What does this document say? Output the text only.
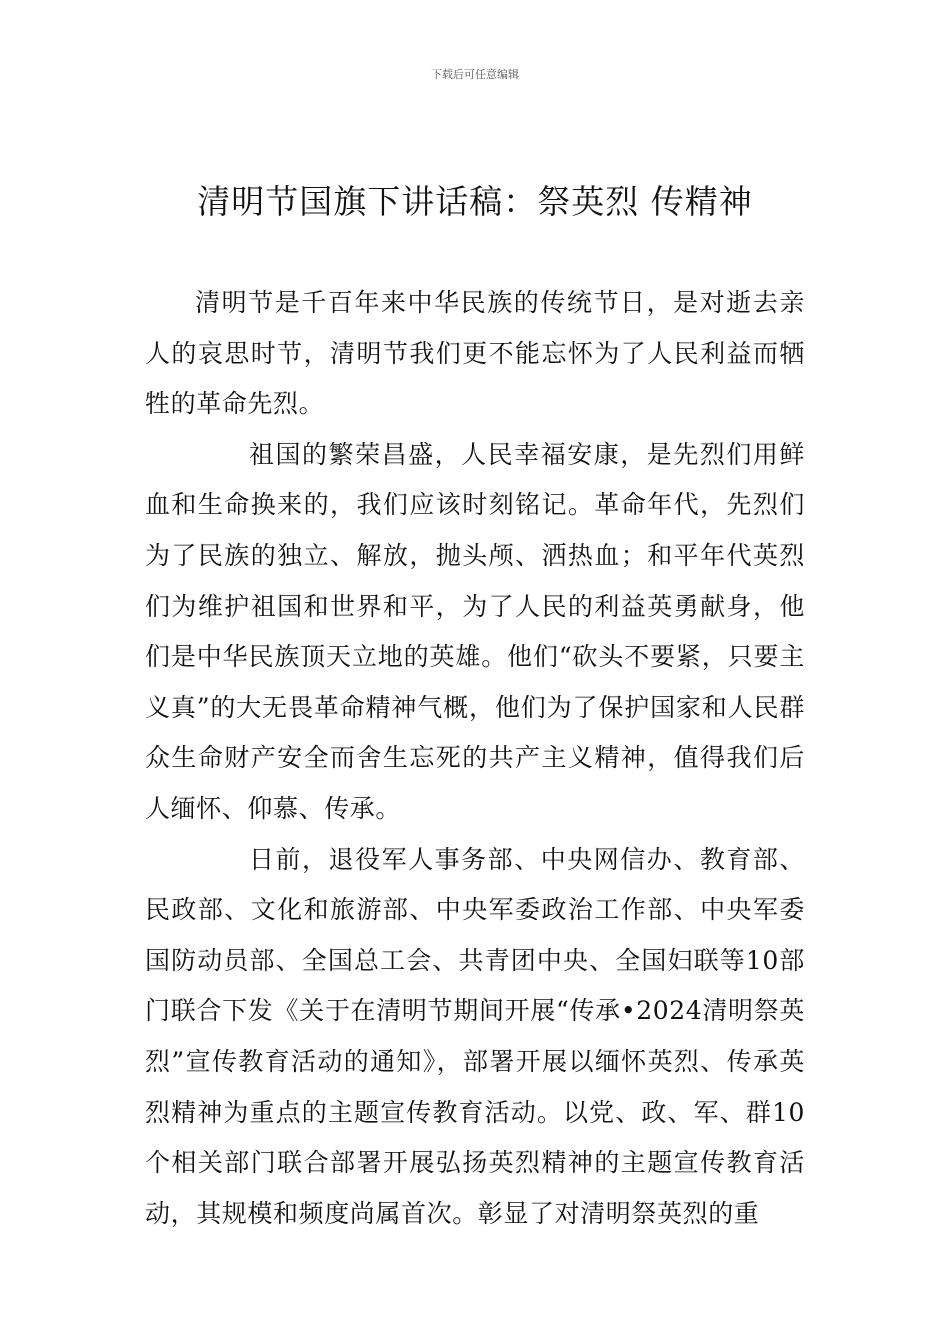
下载后可任意编辑
清明节国旗下讲话稿：祭英烈 传精神

清明节是千百年来中华民族的传统节日，是对逝去亲人的哀思时节，清明节我们更不能忘怀为了人民利益而牺牲的革命先烈。

祖国的繁荣昌盛，人民幸福安康，是先烈们用鲜血和生命换来的，我们应该时刻铭记。革命年代，先烈们为了民族的独立、解放，抛头颅、洒热血；和平年代英烈们为维护祖国和世界和平，为了人民的利益英勇献身，他们是中华民族顶天立地的英雄。他们“砍头不要紧，只要主义真”的大无畏革命精神气概，他们为了保护国家和人民群众生命财产安全而舍生忘死的共产主义精神，值得我们后人缅怀、仰慕、传承。

日前，退役军人事务部、中央网信办、教育部、民政部、文化和旅游部、中央军委政治工作部、中央军委国防动员部、全国总工会、共青团中央、全国妇联等10部门联合下发《关于在清明节期间开展“传承•2024清明祭英烈”宣传教育活动的通知》，部署开展以缅怀英烈、传承英烈精神为重点的主题宣传教育活动。以党、政、军、群10个相关部门联合部署开展弘扬英烈精神的主题宣传教育活动，其规模和频度尚属首次。彰显了对清明祭英烈的重
